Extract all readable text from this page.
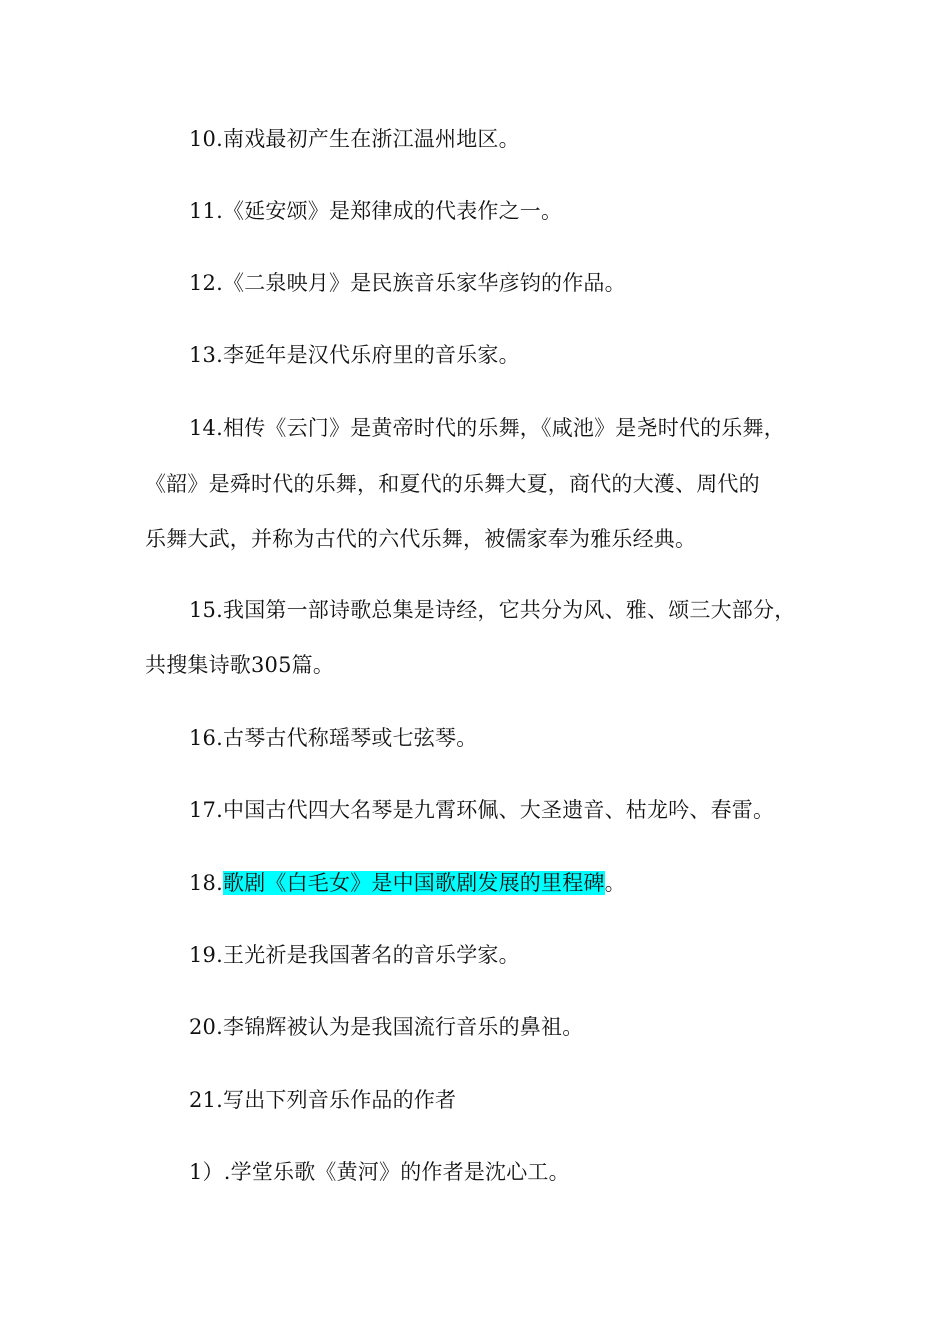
10.南戏最初产生在浙江温州地区。
11.《延安颂》是郑律成的代表作之一。
12.《二泉映月》是民族音乐家华彦钧的作品。
13.李延年是汉代乐府里的音乐家。
14.相传《云门》是黄帝时代的乐舞，《咸池》是尧时代的乐舞，
《韶》是舜时代的乐舞，和夏代的乐舞大夏，商代的大濩、周代的
乐舞大武，并称为古代的六代乐舞，被儒家奉为雅乐经典。
15.我国第一部诗歌总集是诗经，它共分为风、雅、颂三大部分，
共搜集诗歌305篇。
16.古琴古代称瑶琴或七弦琴。
17.中国古代四大名琴是九霄环佩、大圣遗音、枯龙吟、春雷。
18.歌剧《白毛女》是中国歌剧发展的里程碑。
19.王光祈是我国著名的音乐学家。
20.李锦辉被认为是我国流行音乐的鼻祖。
21.写出下列音乐作品的作者
1）.学堂乐歌《黄河》的作者是沈心工。
